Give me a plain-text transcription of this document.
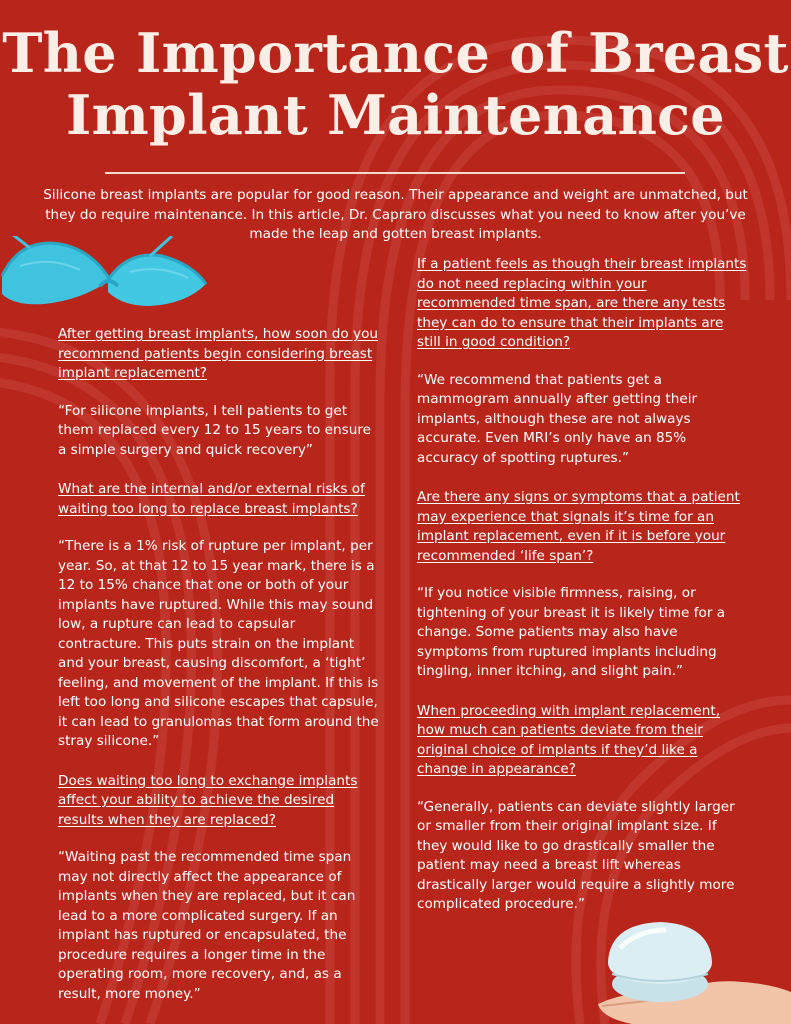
The Importance of Breast
Implant Maintenance

Silicone breast implants are popular for good reason. Their appearance and weight are unmatched, but they do require maintenance. In this article, Dr. Capraro discusses what you need to know after you’ve made the leap and gotten breast implants.

After getting breast implants, how soon do you recommend patients begin considering breast implant replacement?

“For silicone implants, I tell patients to get them replaced every 12 to 15 years to ensure a simple surgery and quick recovery”

What are the internal and/or external risks of waiting too long to replace breast implants?

“There is a 1% risk of rupture per implant, per year. So, at that 12 to 15 year mark, there is a 12 to 15% chance that one or both of your implants have ruptured. While this may sound low, a rupture can lead to capsular contracture. This puts strain on the implant and your breast, causing discomfort, a ‘tight’ feeling, and movement of the implant. If this is left too long and silicone escapes that capsule, it can lead to granulomas that form around the stray silicone.”

Does waiting too long to exchange implants affect your ability to achieve the desired results when they are replaced?

“Waiting past the recommended time span may not directly affect the appearance of implants when they are replaced, but it can lead to a more complicated surgery. If an implant has ruptured or encapsulated, the procedure requires a longer time in the operating room, more recovery, and, as a result, more money.”

If a patient feels as though their breast implants do not need replacing within your recommended time span, are there any tests they can do to ensure that their implants are still in good condition?

“We recommend that patients get a mammogram annually after getting their implants, although these are not always accurate. Even MRI’s only have an 85% accuracy of spotting ruptures.”

Are there any signs or symptoms that a patient may experience that signals it’s time for an implant replacement, even if it is before your recommended ‘life span’?

“If you notice visible firmness, raising, or tightening of your breast it is likely time for a change. Some patients may also have symptoms from ruptured implants including tingling, inner itching, and slight pain.”

When proceeding with implant replacement, how much can patients deviate from their original choice of implants if they’d like a change in appearance?

“Generally, patients can deviate slightly larger or smaller from their original implant size. If they would like to go drastically smaller the patient may need a breast lift whereas drastically larger would require a slightly more complicated procedure.”
